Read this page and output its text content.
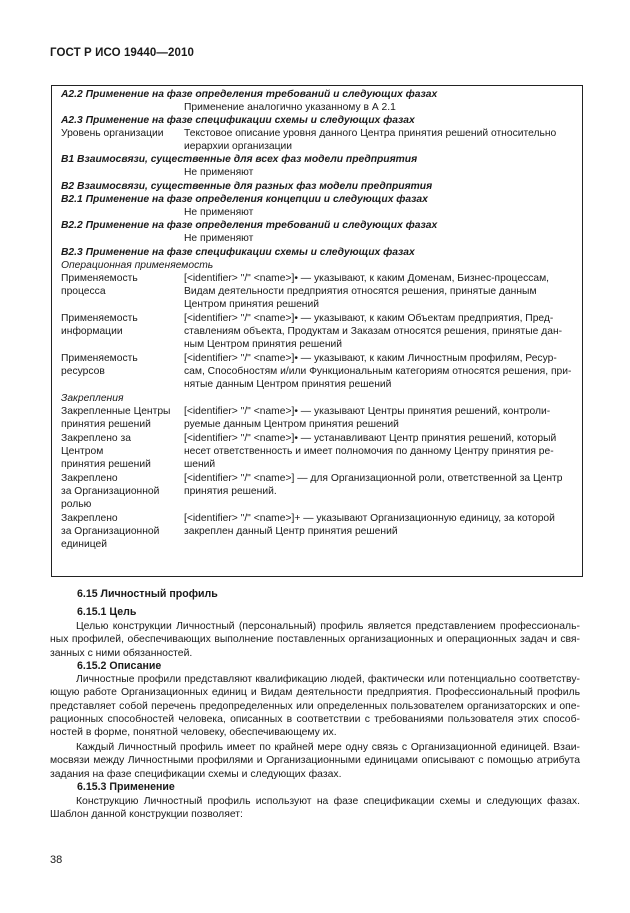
ГОСТ Р ИСО 19440—2010
A2.2 Применение на фазе определения требований и следующих фазах
Применение аналогично указанному в А 2.1
A2.3 Применение на фазе спецификации схемы и следующих фазах
Уровень организации Текстовое описание уровня данного Центра принятия решений относительно
иерархии организации
В1 Взаимосвязи, существенные для всех фаз модели предприятия
Не применяют
В2 Взаимосвязи, существенные для разных фаз модели предприятия
В2.1 Применение на фазе определения концепции и следующих фазах
Не применяют
В2.2 Применение на фазе определения требований и следующих фазах
Не применяют
В2.3 Применение на фазе спецификации схемы и следующих фазах
Операционная применяемость
Применяемость
процесса
[<identifier> "/" <name>]• — указывают, к каким Доменам, Бизнес-процессам,
Видам деятельности предприятия относятся решения, принятые данным
Центром принятия решений
Применяемость
информации
[<identifier> "/" <name>]• — указывают, к каким Объектам предприятия, Пред-
ставлениям объекта, Продуктам и Заказам относятся решения, принятые дан-
ным Центром принятия решений
Применяемость
ресурсов
[<identifier> "/" <name>]• — указывают, к каким Личностным профилям, Ресур-
сам, Способностям и/или Функциональным категориям относятся решения, при-
нятые данным Центром принятия решений
Закрепления
Закрепленные Центры
принятия решений
[<identifier> "/" <name>]• — указывают Центры принятия решений, контроли-
руемые данным Центром принятия решений
Закреплено за
Центром
принятия решений
[<identifier> "/" <name>]• — устанавливают Центр принятия решений, который
несет ответственность и имеет полномочия по данному Центру принятия ре-
шений
Закреплено
за Организационной
ролью
[<identifier> "/" <name>] — для Организационной роли, ответственной за Центр
принятия решений.
Закреплено
за Организационной
единицей
[<identifier> "/" <name>]+ — указывают Организационную единицу, за которой
закреплен данный Центр принятия решений
6.15 Личностный профиль
6.15.1 Цель
Целью конструкции Личностный (персональный) профиль является представлением профессиональ-ных профилей, обеспечивающих выполнение поставленных организационных и операционных задач и свя-занных с ними обязанностей.
6.15.2 Описание
Личностные профили представляют квалификацию людей, фактически или потенциально соответству-ющую работе Организационных единиц и Видам деятельности предприятия. Профессиональный профиль представляет собой перечень предопределенных или определенных пользователем организаторских и опе-рационных способностей человека, описанных в соответствии с требованиями пользователя этих способ-ностей в форме, понятной человеку, обеспечивающему их.
Каждый Личностный профиль имеет по крайней мере одну связь с Организационной единицей. Взаи-мосвязи между Личностными профилями и Организационными единицами описывают с помощью атрибута задания на фазе спецификации схемы и следующих фазах.
6.15.3 Применение
Конструкцию Личностный профиль используют на фазе спецификации схемы и следующих фазах. Шаблон данной конструкции позволяет:
38
